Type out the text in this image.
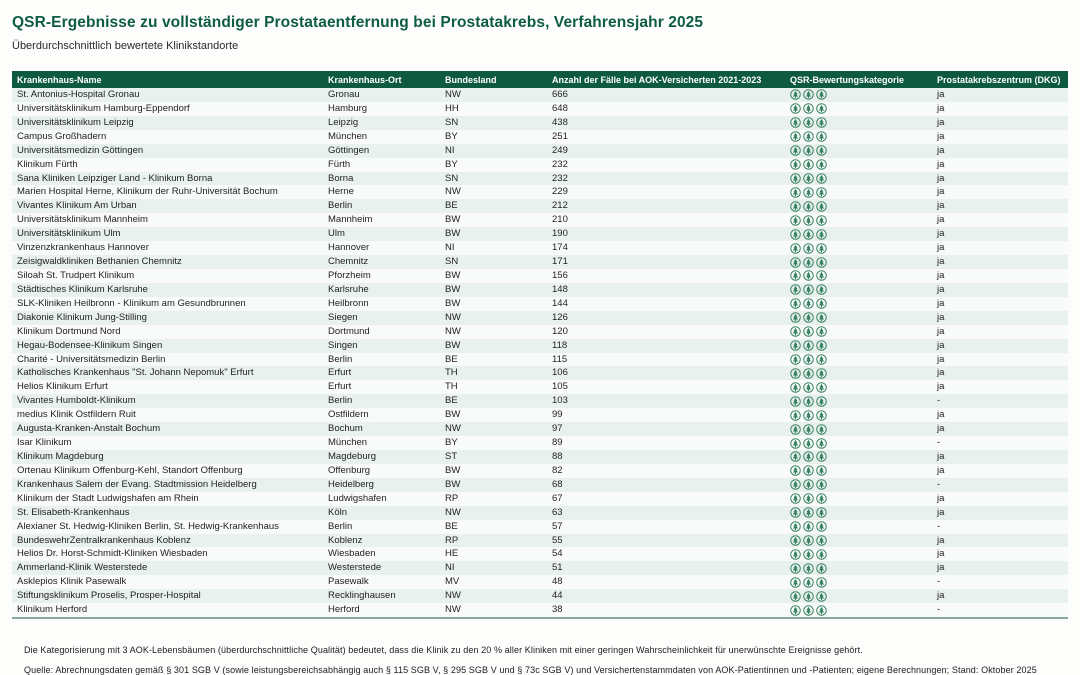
QSR-Ergebnisse zu vollständiger Prostataentfernung bei Prostatakrebs, Verfahrensjahr 2025
Überdurchschnittlich bewertete Klinikstandorte
Krankenhaus-Name	Krankenhaus-Ort	Bundesland	Anzahl der Fälle bei AOK-Versicherten 2021-2023	QSR-Bewertungskategorie	Prostatakrebszentrum (DKG)
St. Antonius-Hospital Gronau	Gronau	NW	666		ja
Universitätsklinikum Hamburg-Eppendorf	Hamburg	HH	648		ja
Universitätsklinikum Leipzig	Leipzig	SN	438		ja
Campus Großhadern	München	BY	251		ja
Universitätsmedizin Göttingen	Göttingen	NI	249		ja
Klinikum Fürth	Fürth	BY	232		ja
Sana Kliniken Leipziger Land - Klinikum Borna	Borna	SN	232		ja
Marien Hospital Herne, Klinikum der Ruhr-Universität Bochum	Herne	NW	229		ja
Vivantes Klinikum Am Urban	Berlin	BE	212		ja
Universitätsklinikum Mannheim	Mannheim	BW	210		ja
Universitätsklinikum Ulm	Ulm	BW	190		ja
Vinzenzkrankenhaus Hannover	Hannover	NI	174		ja
Zeisigwaldkliniken Bethanien Chemnitz	Chemnitz	SN	171		ja
Siloah St. Trudpert Klinikum	Pforzheim	BW	156		ja
Städtisches Klinikum Karlsruhe	Karlsruhe	BW	148		ja
SLK-Kliniken Heilbronn - Klinikum am Gesundbrunnen	Heilbronn	BW	144		ja
Diakonie Klinikum Jung-Stilling	Siegen	NW	126		ja
Klinikum Dortmund Nord	Dortmund	NW	120		ja
Hegau-Bodensee-Klinikum Singen	Singen	BW	118		ja
Charité - Universitätsmedizin Berlin	Berlin	BE	115		ja
Katholisches Krankenhaus "St. Johann Nepomuk" Erfurt	Erfurt	TH	106		ja
Helios Klinikum Erfurt	Erfurt	TH	105		ja
Vivantes Humboldt-Klinikum	Berlin	BE	103		-
medius Klinik Ostfildern Ruit	Ostfildern	BW	99		ja
Augusta-Kranken-Anstalt Bochum	Bochum	NW	97		ja
Isar Klinikum	München	BY	89		-
Klinikum Magdeburg	Magdeburg	ST	88		ja
Ortenau Klinikum Offenburg-Kehl, Standort Offenburg	Offenburg	BW	82		ja
Krankenhaus Salem der Evang. Stadtmission Heidelberg	Heidelberg	BW	68		-
Klinikum der Stadt Ludwigshafen am Rhein	Ludwigshafen	RP	67		ja
St. Elisabeth-Krankenhaus	Köln	NW	63		ja
Alexianer St. Hedwig-Kliniken Berlin, St. Hedwig-Krankenhaus	Berlin	BE	57		-
BundeswehrZentralkrankenhaus Koblenz	Koblenz	RP	55		ja
Helios Dr. Horst-Schmidt-Kliniken Wiesbaden	Wiesbaden	HE	54		ja
Ammerland-Klinik Westerstede	Westerstede	NI	51		ja
Asklepios Klinik Pasewalk	Pasewalk	MV	48		-
Stiftungsklinikum Proselis, Prosper-Hospital	Recklinghausen	NW	44		ja
Klinikum Herford	Herford	NW	38		-
Die Kategorisierung mit 3 AOK-Lebensbäumen (überdurchschnittliche Qualität) bedeutet, dass die Klinik zu den 20 % aller Kliniken mit einer geringen Wahrscheinlichkeit für unerwünschte Ereignisse gehört.
Quelle: Abrechnungsdaten gemäß § 301 SGB V (sowie leistungsbereichsabhängig auch § 115 SGB V, § 295 SGB V und § 73c SGB V) und Versichertenstammdaten von AOK-Patientinnen und -Patienten; eigene Berechnungen; Stand: Oktober 2025
